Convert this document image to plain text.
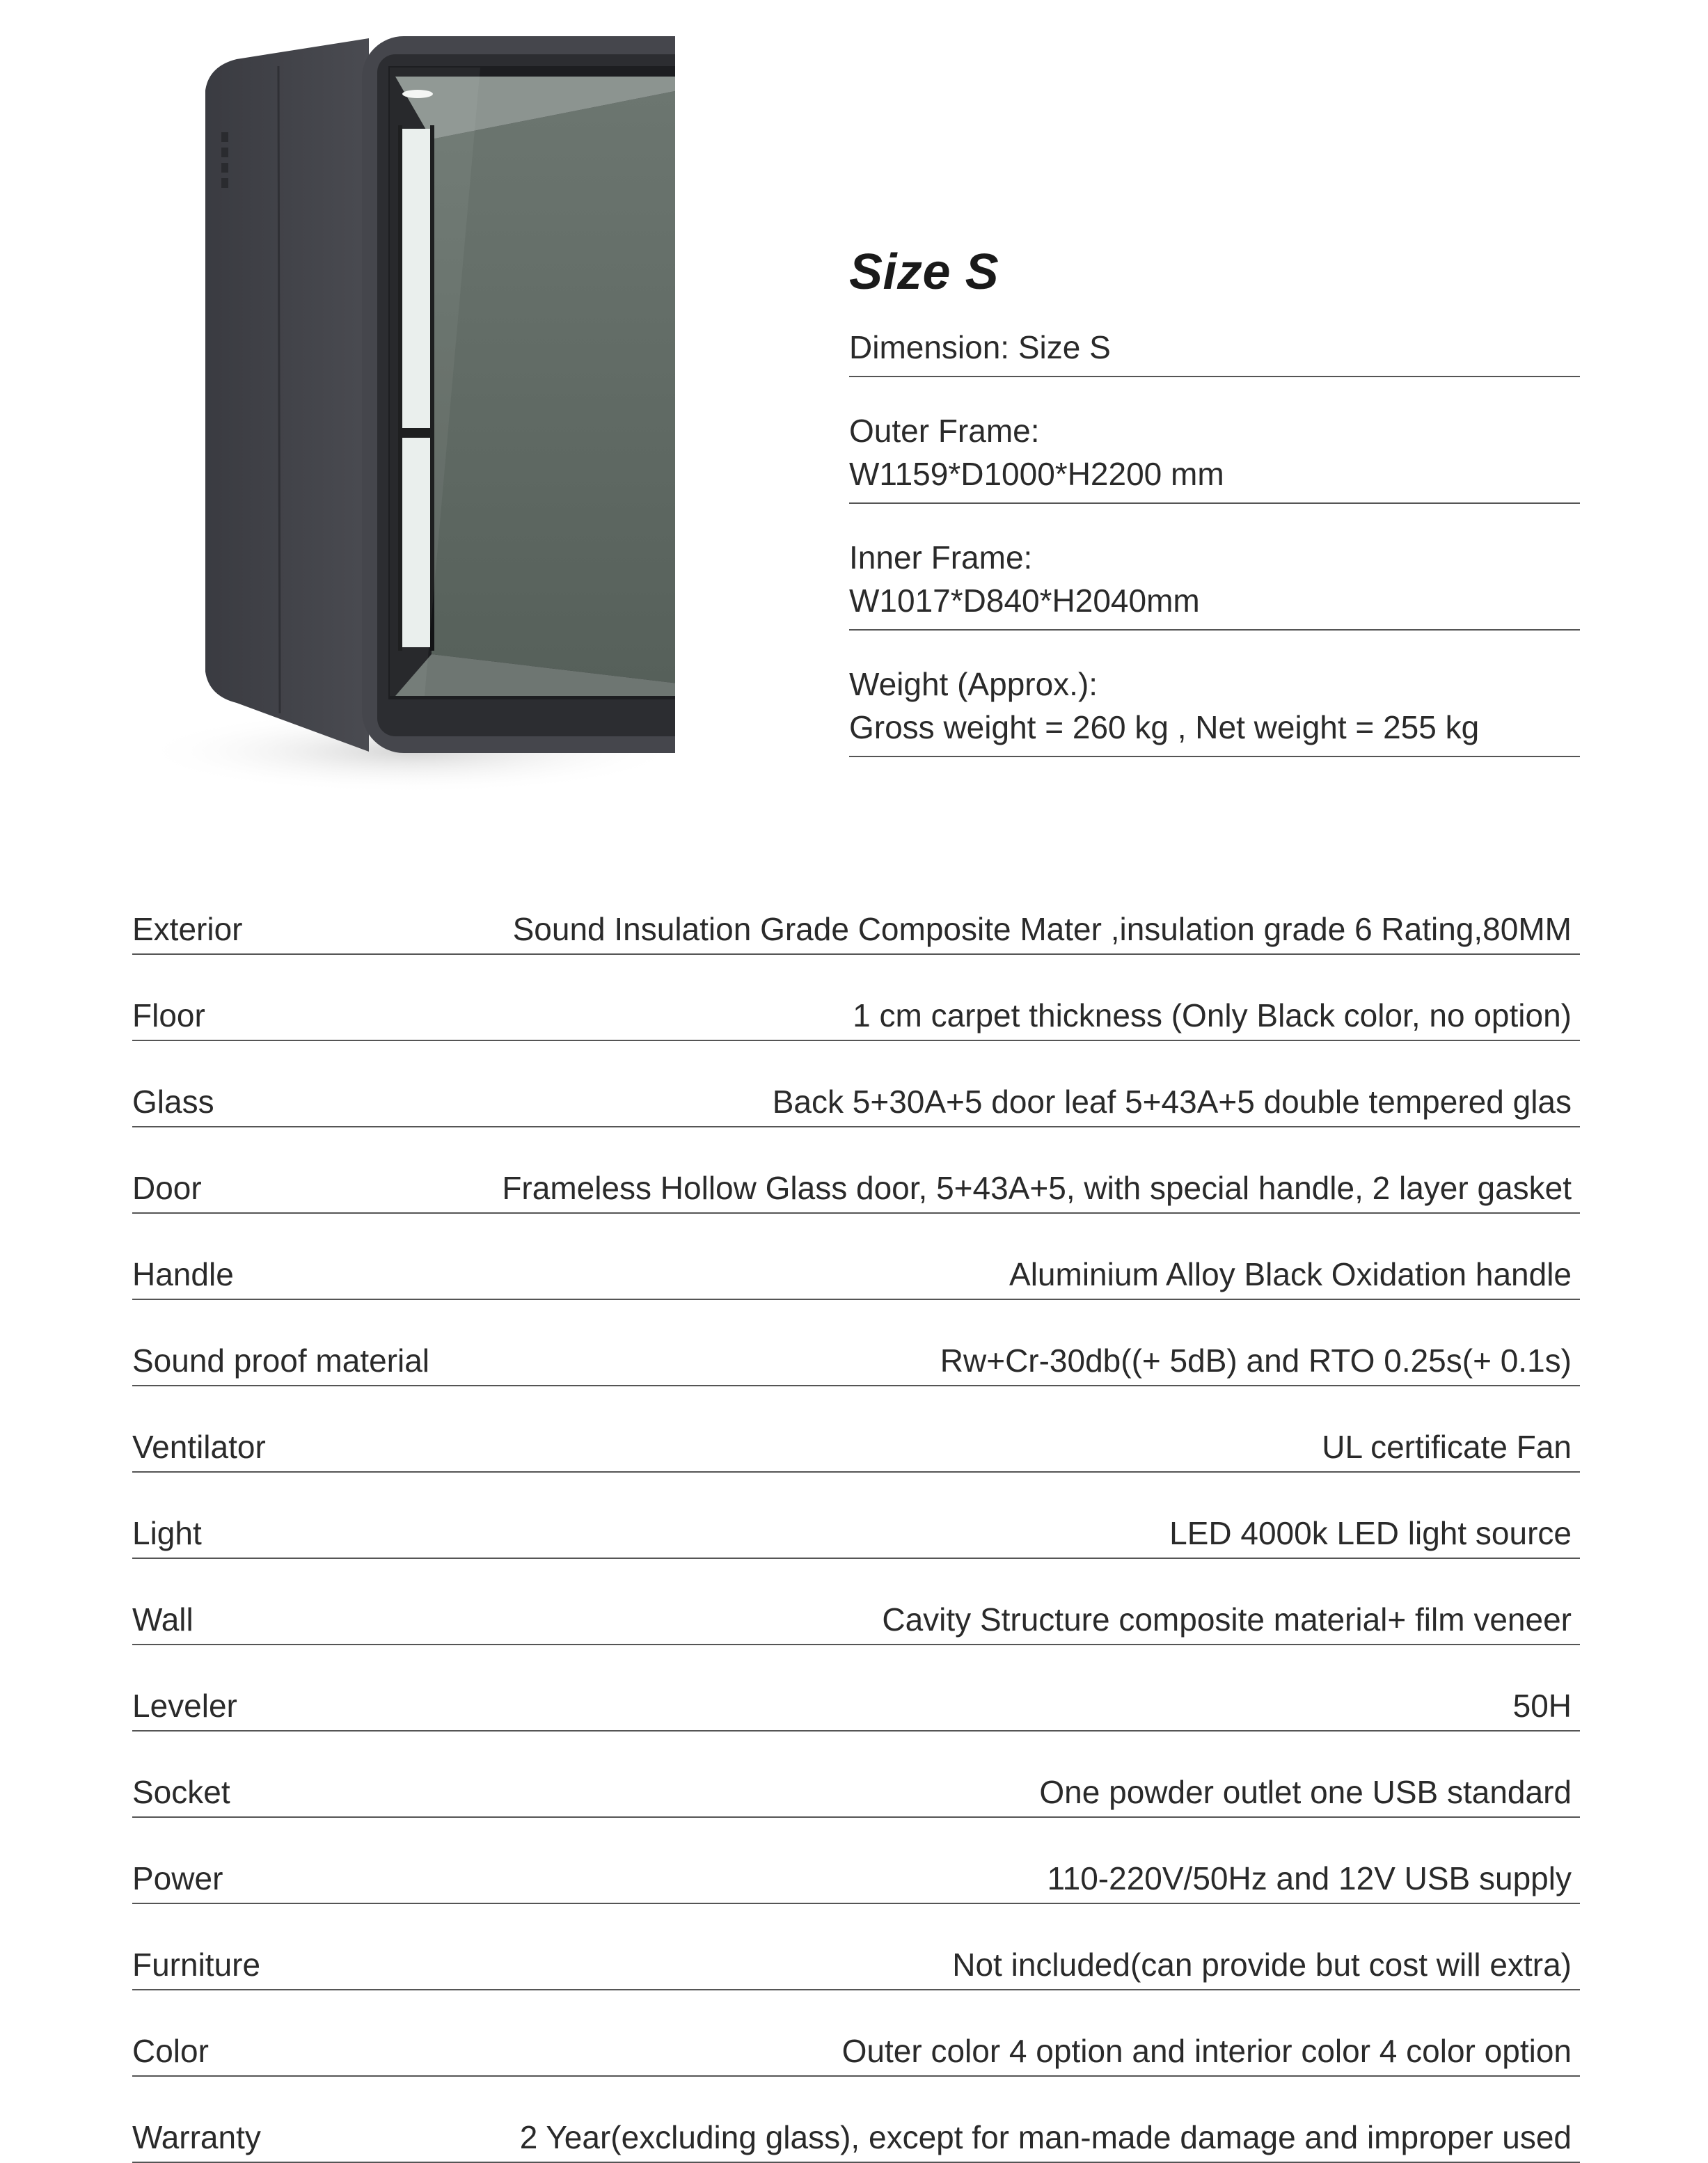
Size S
Dimension: Size S
Outer Frame:
W1159*D1000*H2200 mm
Inner Frame:
W1017*D840*H2040mm
Weight (Approx.):
Gross weight = 260 kg , Net weight = 255 kg
Exterior	Sound Insulation Grade Composite Mater ,insulation grade 6 Rating,80MM
Floor	1 cm carpet thickness (Only Black color, no option)
Glass	Back 5+30A+5 door leaf 5+43A+5 double tempered glas
Door	Frameless Hollow Glass door, 5+43A+5, with special handle, 2 layer gasket
Handle	Aluminium Alloy Black Oxidation handle
Sound proof material	Rw+Cr-30db((+ 5dB) and RTO 0.25s(+ 0.1s)
Ventilator	UL certificate Fan
Light	LED 4000k LED light source
Wall	Cavity Structure composite material+ film veneer
Leveler	50H
Socket	One powder outlet one USB standard
Power	110-220V/50Hz and 12V USB supply
Furniture	Not included(can provide but cost will extra)
Color	Outer color 4 option and interior color 4 color option
Warranty	2 Year(excluding glass), except for man-made damage and improper used
